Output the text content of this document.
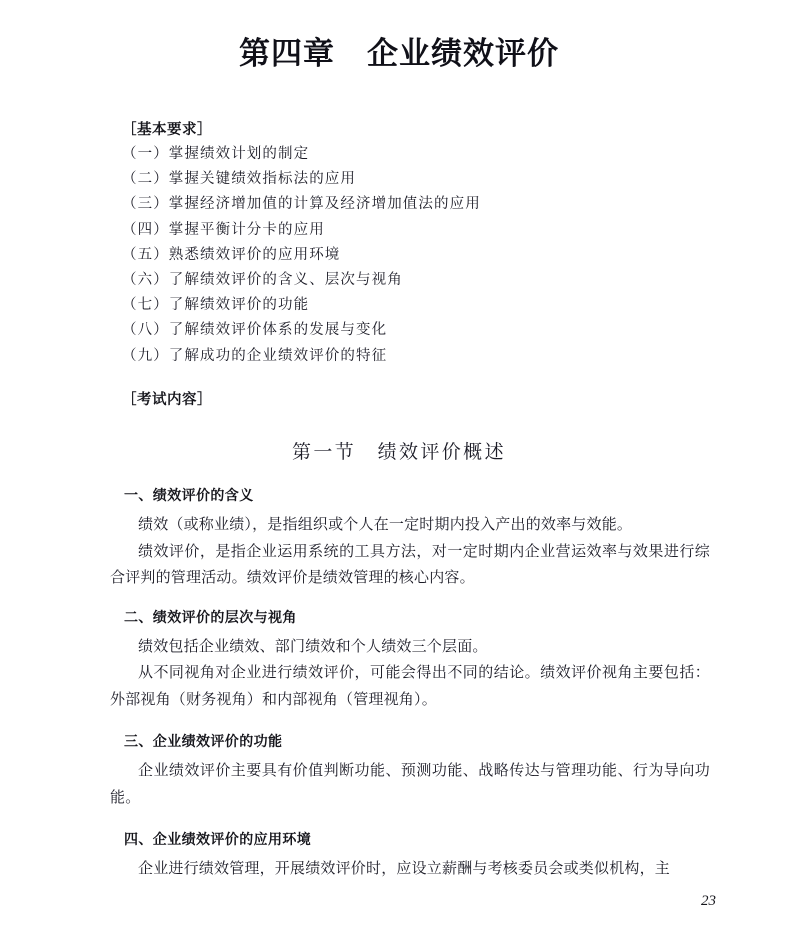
第四章　企业绩效评价
［基本要求］
（一）掌握绩效计划的制定
（二）掌握关键绩效指标法的应用
（三）掌握经济增加值的计算及经济增加值法的应用
（四）掌握平衡计分卡的应用
（五）熟悉绩效评价的应用环境
（六）了解绩效评价的含义、层次与视角
（七）了解绩效评价的功能
（八）了解绩效评价体系的发展与变化
（九）了解成功的企业绩效评价的特征
［考试内容］
第一节　绩效评价概述
一、绩效评价的含义

绩效（或称业绩），是指组织或个人在一定时期内投入产出的效率与效能。

绩效评价，是指企业运用系统的工具方法，对一定时期内企业营运效率与效果进行综合评判的管理活动。绩效评价是绩效管理的核心内容。

二、绩效评价的层次与视角

绩效包括企业绩效、部门绩效和个人绩效三个层面。

从不同视角对企业进行绩效评价，可能会得出不同的结论。绩效评价视角主要包括：外部视角（财务视角）和内部视角（管理视角）。

三、企业绩效评价的功能

企业绩效评价主要具有价值判断功能、预测功能、战略传达与管理功能、行为导向功能。

四、企业绩效评价的应用环境

企业进行绩效管理，开展绩效评价时，应设立薪酬与考核委员会或类似机构，主

23
